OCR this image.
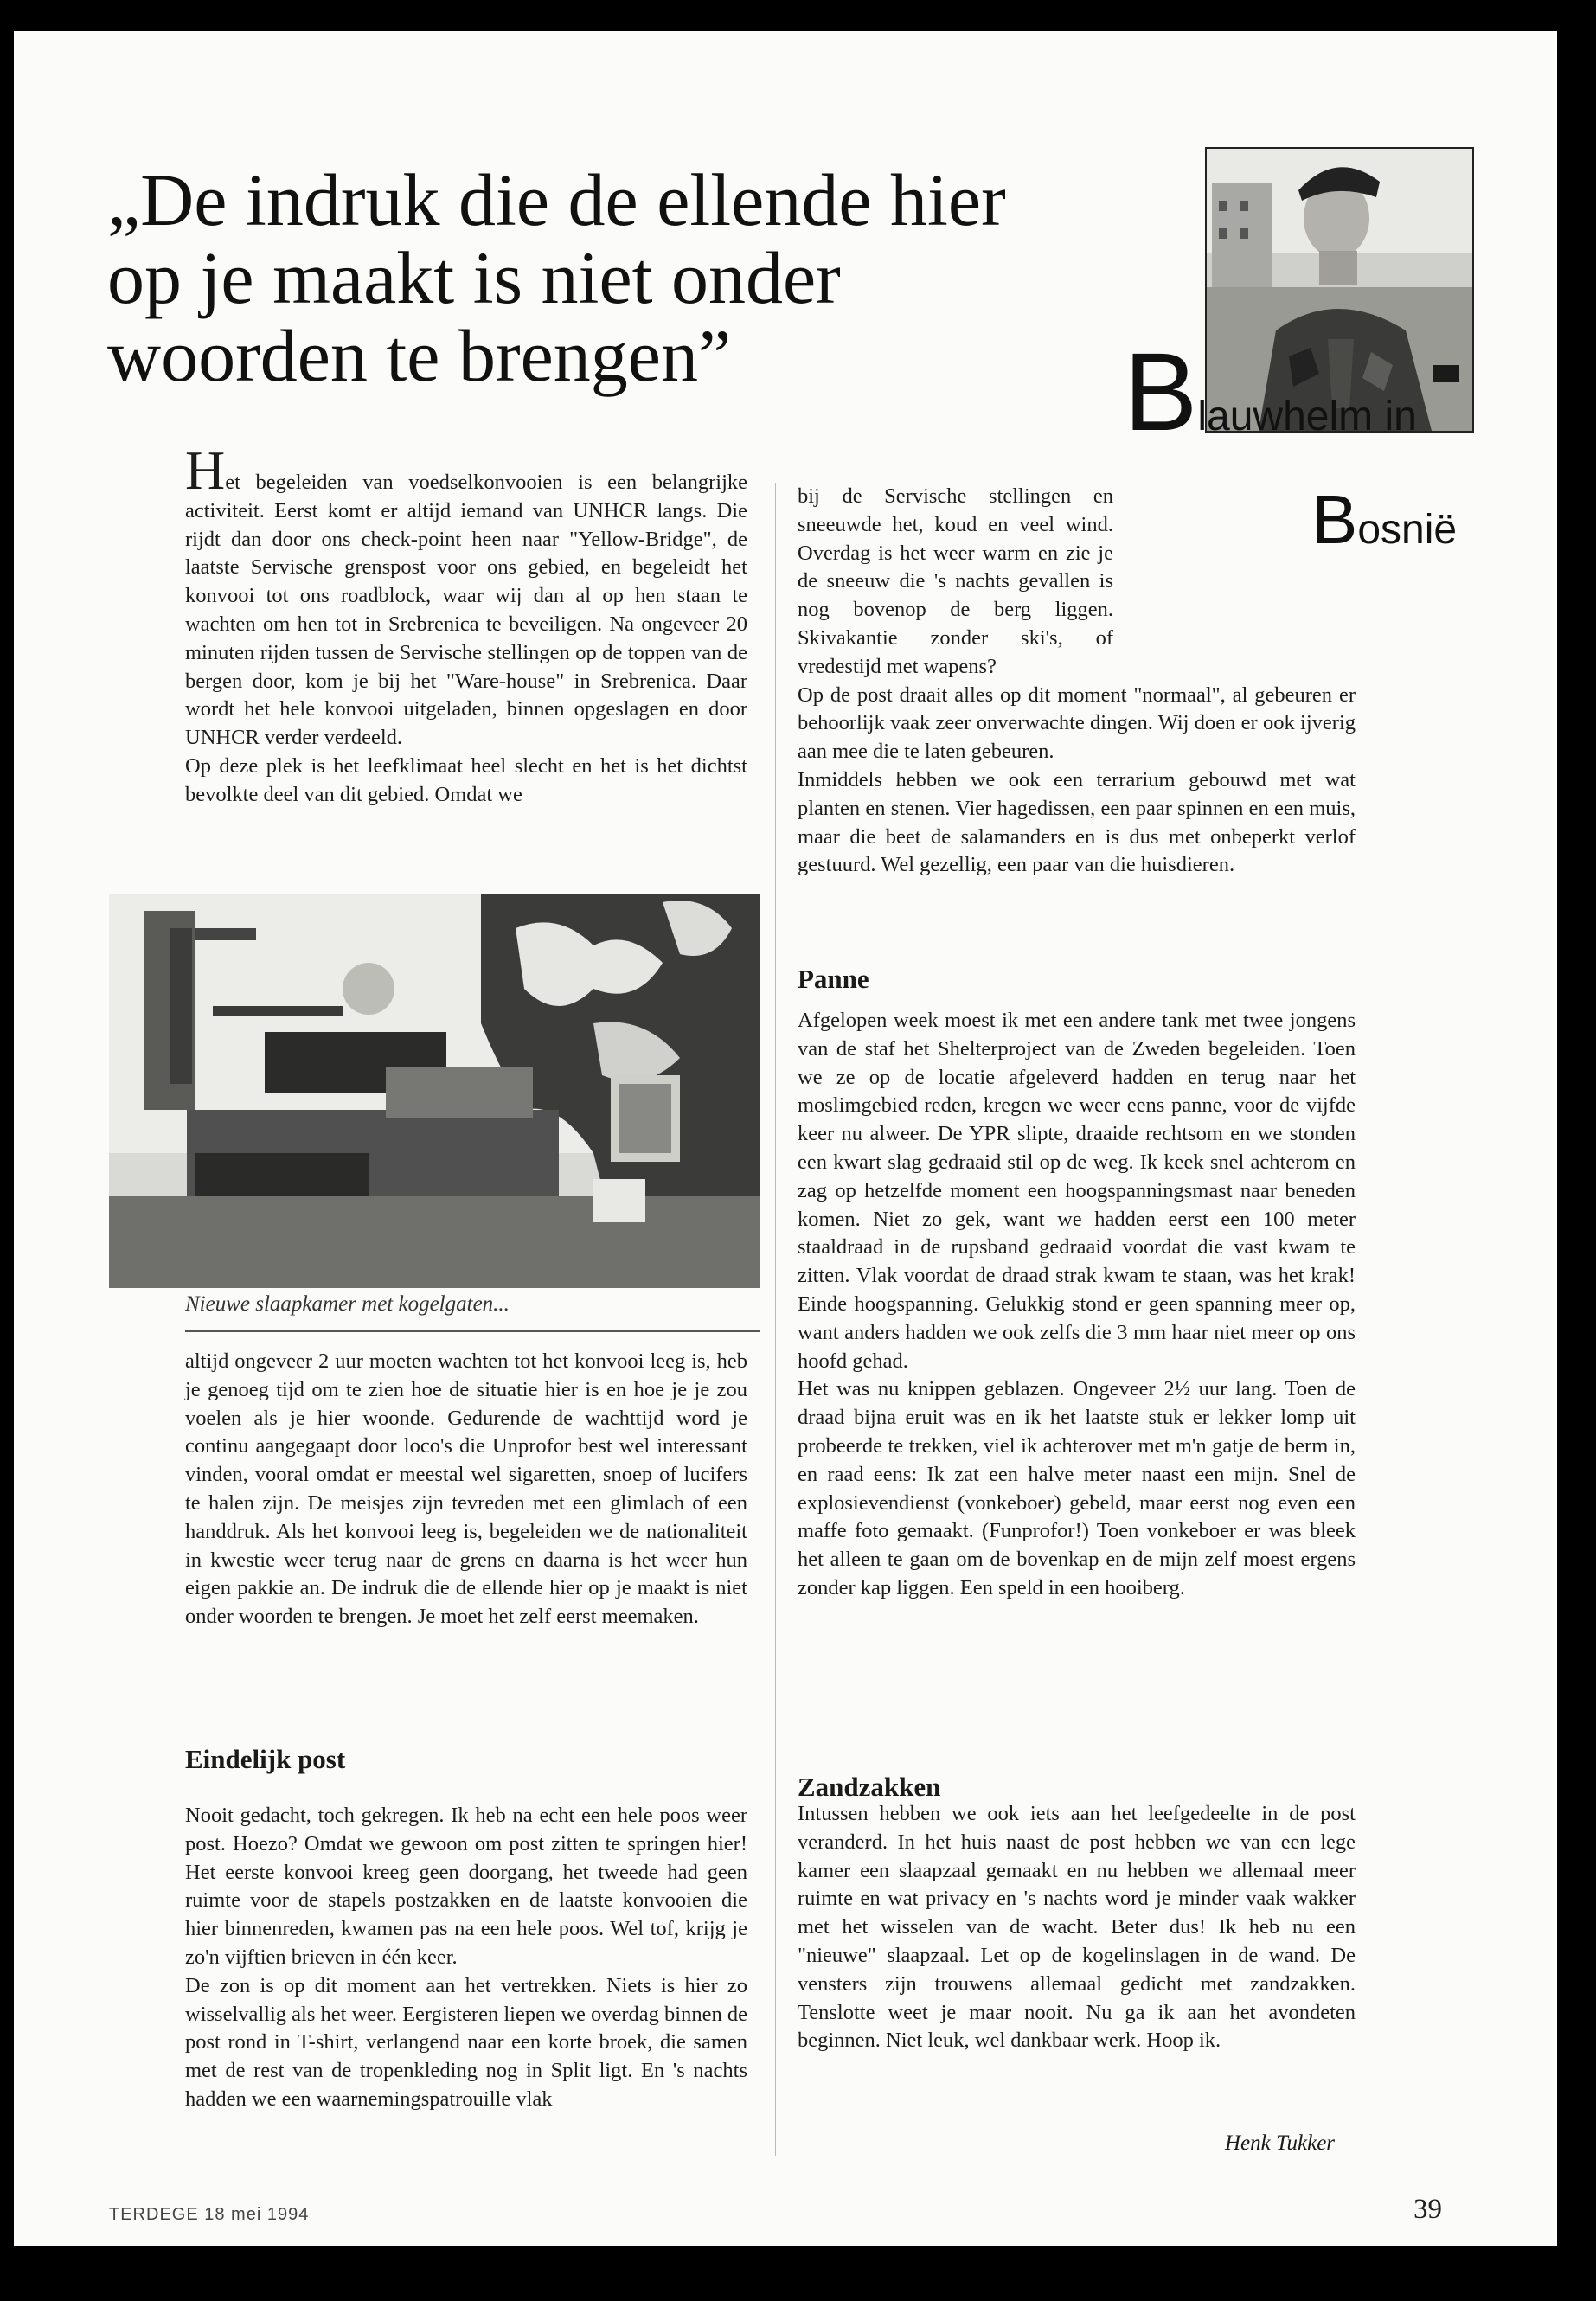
„De indruk die de ellende hier op je maakt is niet onder woorden te brengen”	Blauwhelm in
Bosnië

Het begeleiden van voedselkonvooien is een belangrijke activiteit. Eerst komt er altijd iemand van UNHCR langs. Die rijdt dan door ons check-point heen naar "Yellow-Bridge", de laatste Servische grenspost voor ons gebied, en begeleidt het konvooi tot ons roadblock, waar wij dan al op hen staan te wachten om hen tot in Srebrenica te beveiligen. Na ongeveer 20 minuten rijden tussen de Servische stellingen op de toppen van de bergen door, kom je bij het "Ware-house" in Srebrenica. Daar wordt het hele konvooi uitgeladen, binnen opgeslagen en door UNHCR verder verdeeld.

Op deze plek is het leefklimaat heel slecht en het is het dichtst bevolkte deel van dit gebied. Omdat we

Nieuwe slaapkamer met kogelgaten...

altijd ongeveer 2 uur moeten wachten tot het konvooi leeg is, heb je genoeg tijd om te zien hoe de situatie hier is en hoe je je zou voelen als je hier woonde. Gedurende de wachttijd word je continu aangegaapt door loco's die Unprofor best wel interessant vinden, vooral omdat er meestal wel sigaretten, snoep of lucifers te halen zijn. De meisjes zijn tevreden met een glimlach of een handdruk. Als het konvooi leeg is, begeleiden we de nationaliteit in kwestie weer terug naar de grens en daarna is het weer hun eigen pakkie an. De indruk die de ellende hier op je maakt is niet onder woorden te brengen. Je moet het zelf eerst meemaken.

Eindelijk post

Nooit gedacht, toch gekregen. Ik heb na echt een hele poos weer post. Hoezo? Omdat we gewoon om post zitten te springen hier! Het eerste konvooi kreeg geen doorgang, het tweede had geen ruimte voor de stapels postzakken en de laatste konvooien die hier binnenreden, kwamen pas na een hele poos. Wel tof, krijg je zo'n vijftien brieven in één keer.

De zon is op dit moment aan het vertrekken. Niets is hier zo wisselvallig als het weer. Eergisteren liepen we overdag binnen de post rond in T-shirt, verlangend naar een korte broek, die samen met de rest van de tropenkleding nog in Split ligt. En 's nachts hadden we een waarnemingspatrouille vlak

bij de Servische stellingen en sneeuwde het, koud en veel wind. Overdag is het weer warm en zie je de sneeuw die 's nachts gevallen is nog bovenop de berg liggen. Skivakantie zonder ski's, of vredestijd met wapens?

Op de post draait alles op dit moment "normaal", al gebeuren er behoorlijk vaak zeer onverwachte dingen. Wij doen er ook ijverig aan mee die te laten gebeuren.

Inmiddels hebben we ook een terrarium gebouwd met wat planten en stenen. Vier hagedissen, een paar spinnen en een muis, maar die beet de salamanders en is dus met onbeperkt verlof gestuurd. Wel gezellig, een paar van die huisdieren.

Panne

Afgelopen week moest ik met een andere tank met twee jongens van de staf het Shelterproject van de Zweden begeleiden. Toen we ze op de locatie afgeleverd hadden en terug naar het moslimgebied reden, kregen we weer eens panne, voor de vijfde keer nu alweer. De YPR slipte, draaide rechtsom en we stonden een kwart slag gedraaid stil op de weg. Ik keek snel achterom en zag op hetzelfde moment een hoogspanningsmast naar beneden komen. Niet zo gek, want we hadden eerst een 100 meter staaldraad in de rupsband gedraaid voordat die vast kwam te zitten. Vlak voordat de draad strak kwam te staan, was het krak! Einde hoogspanning. Gelukkig stond er geen spanning meer op, want anders hadden we ook zelfs die 3 mm haar niet meer op ons hoofd gehad.

Het was nu knippen geblazen. Ongeveer 2½ uur lang. Toen de draad bijna eruit was en ik het laatste stuk er lekker lomp uit probeerde te trekken, viel ik achterover met m'n gatje de berm in, en raad eens: Ik zat een halve meter naast een mijn. Snel de explosievendienst (vonkeboer) gebeld, maar eerst nog even een maffe foto gemaakt. (Funprofor!) Toen vonkeboer er was bleek het alleen te gaan om de bovenkap en de mijn zelf moest ergens zonder kap liggen. Een speld in een hooiberg.

Zandzakken

Intussen hebben we ook iets aan het leefgedeelte in de post veranderd. In het huis naast de post hebben we van een lege kamer een slaapzaal gemaakt en nu hebben we allemaal meer ruimte en wat privacy en 's nachts word je minder vaak wakker met het wisselen van de wacht. Beter dus! Ik heb nu een "nieuwe" slaapzaal. Let op de kogelinslagen in de wand. De vensters zijn trouwens allemaal gedicht met zandzakken. Tenslotte weet je maar nooit. Nu ga ik aan het avondeten beginnen. Niet leuk, wel dankbaar werk. Hoop ik.

Henk Tukker

TERDEGE 18 mei 1994	39
